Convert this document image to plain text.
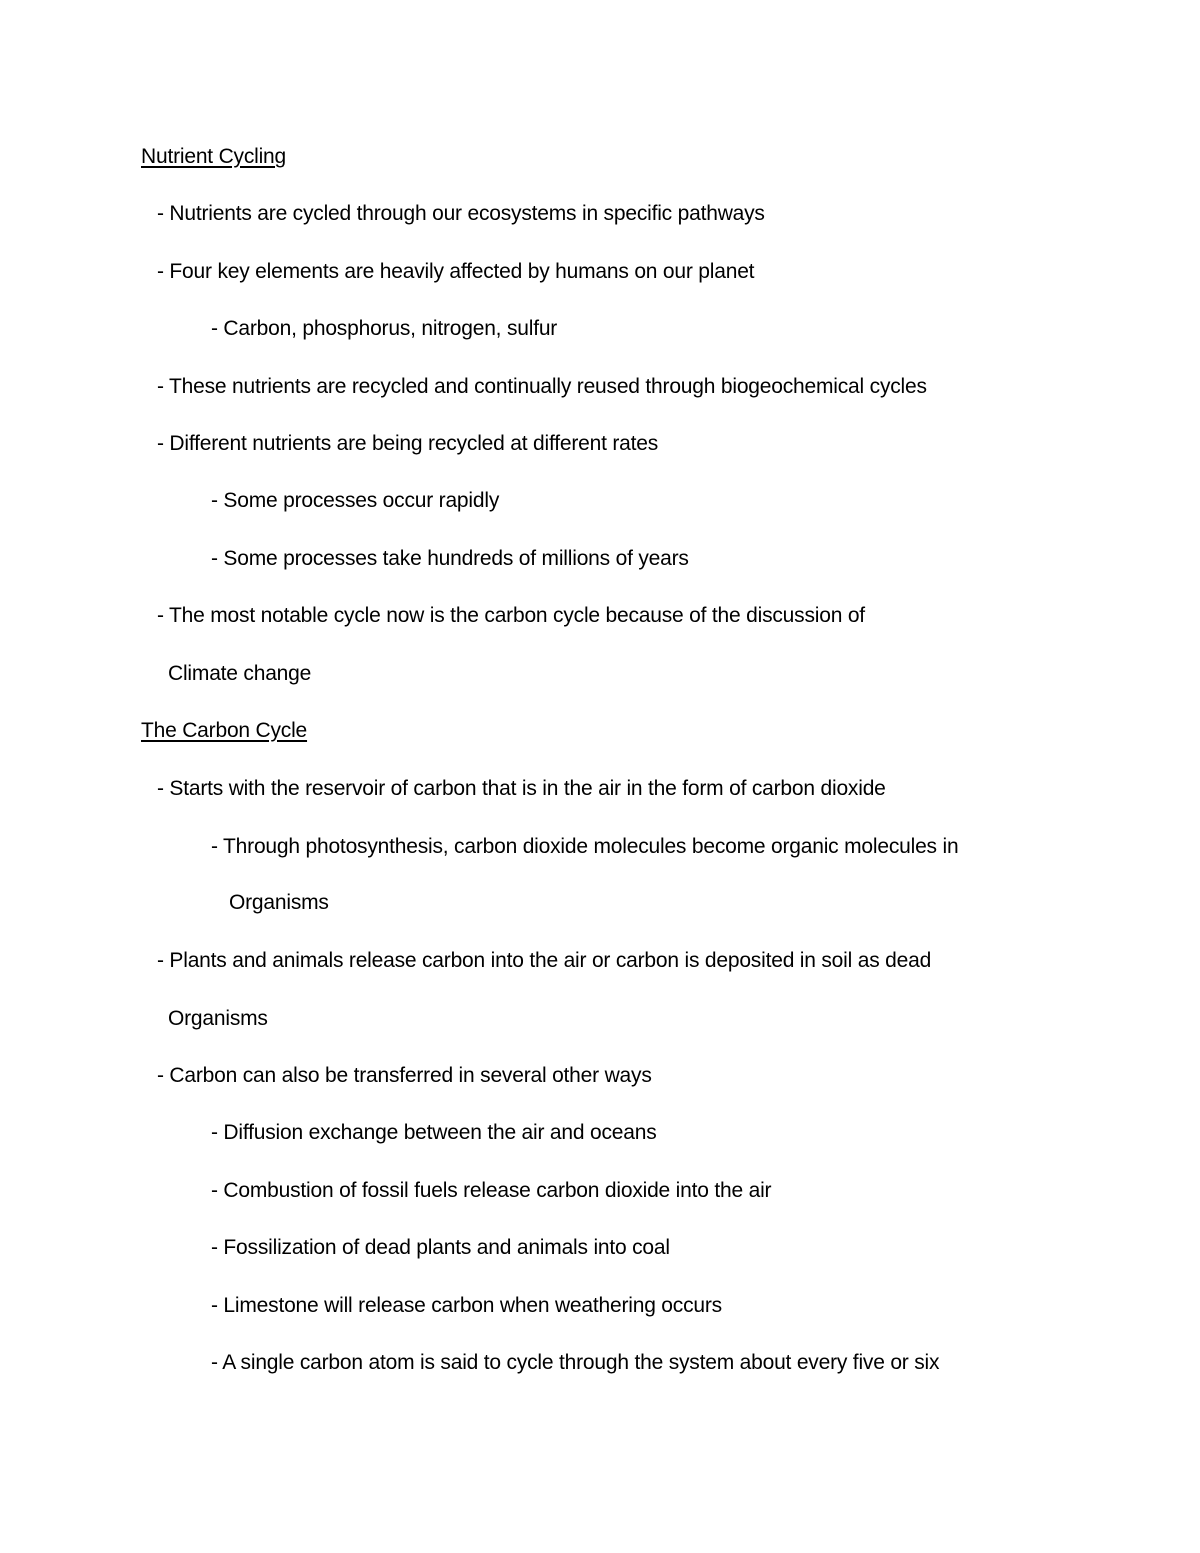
Nutrient Cycling
- Nutrients are cycled through our ecosystems in specific pathways
- Four key elements are heavily affected by humans on our planet
- Carbon, phosphorus, nitrogen, sulfur
- These nutrients are recycled and continually reused through biogeochemical cycles
- Different nutrients are being recycled at different rates
- Some processes occur rapidly
- Some processes take hundreds of millions of years
- The most notable cycle now is the carbon cycle because of the discussion of
Climate change
The Carbon Cycle
- Starts with the reservoir of carbon that is in the air in the form of carbon dioxide
- Through photosynthesis, carbon dioxide molecules become organic molecules in
Organisms
- Plants and animals release carbon into the air or carbon is deposited in soil as dead
Organisms
- Carbon can also be transferred in several other ways
- Diffusion exchange between the air and oceans
- Combustion of fossil fuels release carbon dioxide into the air
- Fossilization of dead plants and animals into coal
- Limestone will release carbon when weathering occurs
- A single carbon atom is said to cycle through the system about every five or six
